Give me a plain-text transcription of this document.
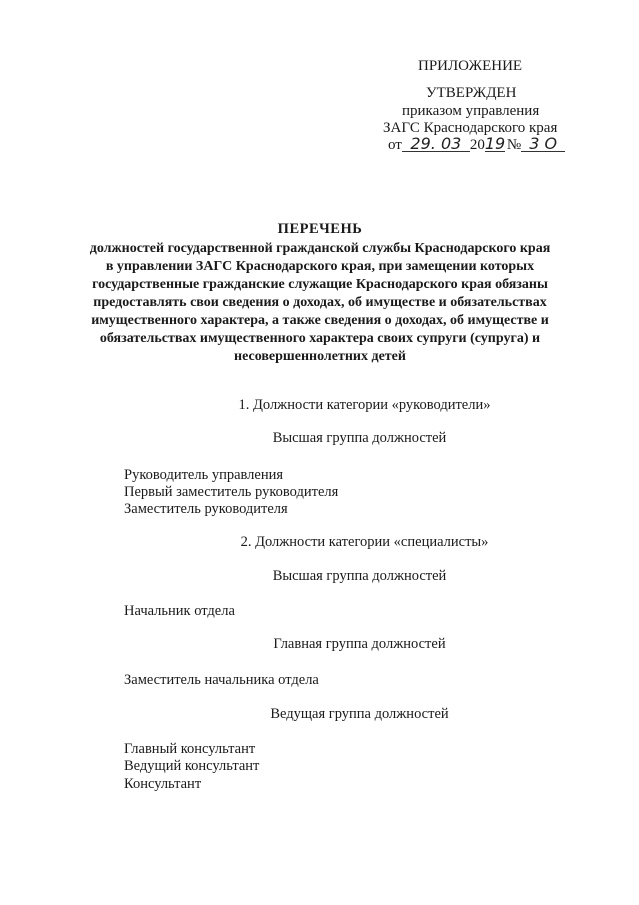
ПРИЛОЖЕНИЕ
УТВЕРЖДЕН
приказом управления
ЗАГС Краснодарского края
от 29. 03 2019 № 3 О
ПЕРЕЧЕНЬ
должностей государственной гражданской службы Краснодарского края
в управлении ЗАГС Краснодарского края, при замещении которых
государственные гражданские служащие Краснодарского края обязаны
предоставлять свои сведения о доходах, об имуществе и обязательствах
имущественного характера, а также сведения о доходах, об имуществе и
обязательствах имущественного характера своих супруги (супруга) и
несовершеннолетних детей
1. Должности категории «руководители»
Высшая группа должностей
Руководитель управления
Первый заместитель руководителя
Заместитель руководителя
2. Должности категории «специалисты»
Высшая группа должностей
Начальник отдела
Главная группа должностей
Заместитель начальника отдела
Ведущая группа должностей
Главный консультант
Ведущий консультант
Консультант
